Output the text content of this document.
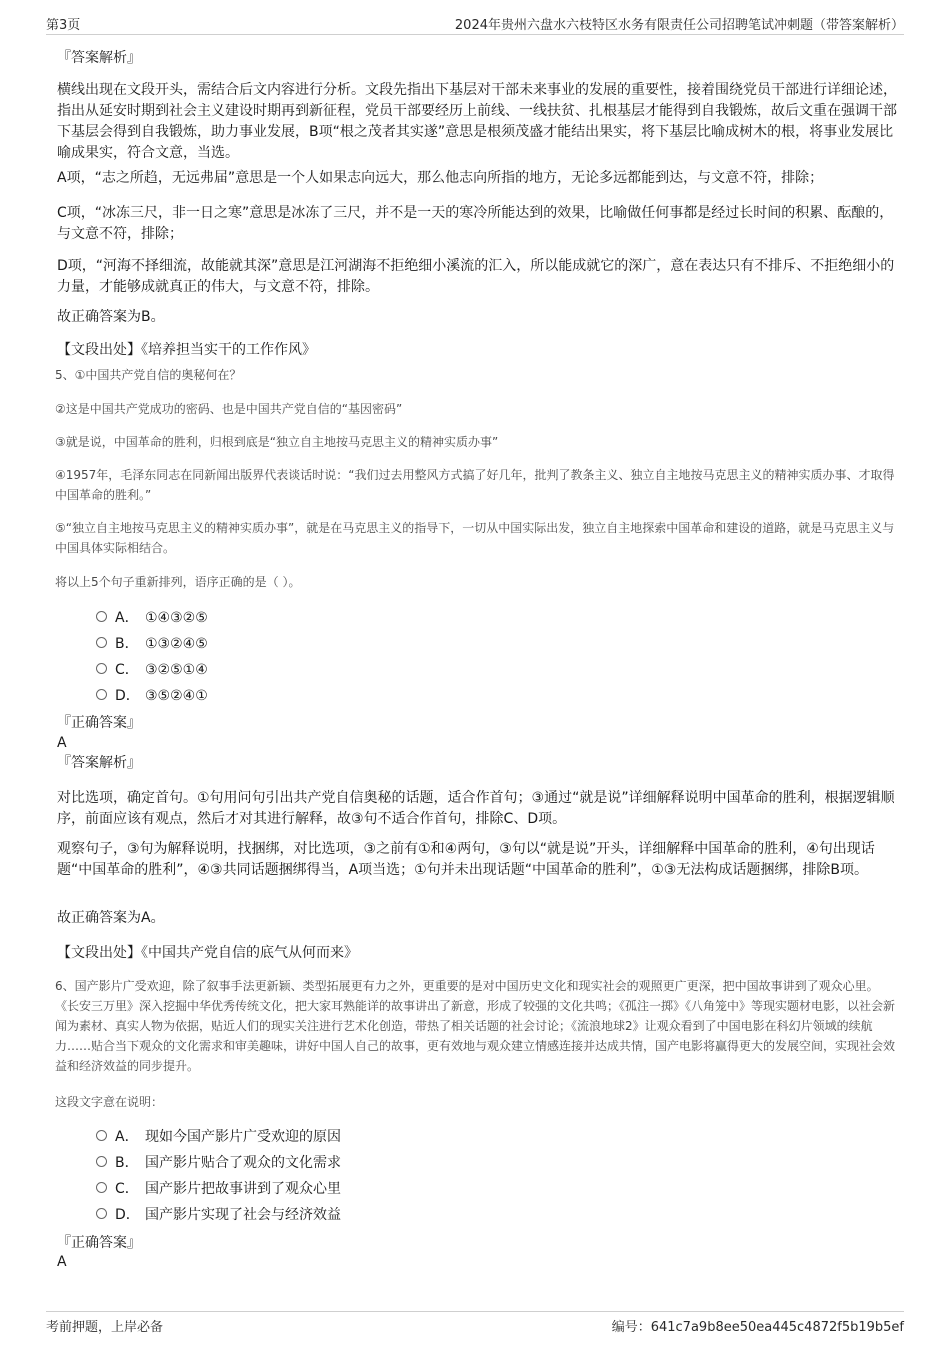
第3页	2024年贵州六盘水六枝特区水务有限责任公司招聘笔试冲刺题（带答案解析）

『答案解析』

横线出现在文段开头，需结合后文内容进行分析。文段先指出下基层对干部未来事业的发展的重要性，接着围绕党员干部进行详细论述，指出从延安时期到社会主义建设时期再到新征程，党员干部要经历上前线、一线扶贫、扎根基层才能得到自我锻炼，故后文重在强调干部下基层会得到自我锻炼，助力事业发展，B项“根之茂者其实遂”意思是根须茂盛才能结出果实，将下基层比喻成树木的根，将事业发展比喻成果实，符合文意，当选。

A项，“志之所趋，无远弗届”意思是一个人如果志向远大，那么他志向所指的地方，无论多远都能到达，与文意不符，排除；

C项，“冰冻三尺，非一日之寒”意思是冰冻了三尺，并不是一天的寒冷所能达到的效果，比喻做任何事都是经过长时间的积累、酝酿的，与文意不符，排除；

D项，“河海不择细流，故能就其深”意思是江河湖海不拒绝细小溪流的汇入，所以能成就它的深广，意在表达只有不排斥、不拒绝细小的力量，才能够成就真正的伟大，与文意不符，排除。

故正确答案为B。

【文段出处】《培养担当实干的工作作风》

5、①中国共产党自信的奥秘何在？

②这是中国共产党成功的密码、也是中国共产党自信的“基因密码”

③就是说，中国革命的胜利，归根到底是“独立自主地按马克思主义的精神实质办事”

④1957年，毛泽东同志在同新闻出版界代表谈话时说：“我们过去用整风方式搞了好几年，批判了教条主义、独立自主地按马克思主义的精神实质办事、才取得中国革命的胜利。”

⑤“独立自主地按马克思主义的精神实质办事”，就是在马克思主义的指导下，一切从中国实际出发，独立自主地探索中国革命和建设的道路，就是马克思主义与中国具体实际相结合。

将以上5个句子重新排列，语序正确的是（ ）。

A． ①④③②⑤
B． ①③②④⑤
C． ③②⑤①④
D． ③⑤②④①

『正确答案』

A

『答案解析』

对比选项，确定首句。①句用问句引出共产党自信奥秘的话题，适合作首句；③通过“就是说”详细解释说明中国革命的胜利，根据逻辑顺序，前面应该有观点，然后才对其进行解释，故③句不适合作首句，排除C、D项。

观察句子，③句为解释说明，找捆绑，对比选项，③之前有①和④两句，③句以“就是说”开头，详细解释中国革命的胜利，④句出现话题“中国革命的胜利”，④③共同话题捆绑得当，A项当选；①句并未出现话题“中国革命的胜利”，①③无法构成话题捆绑，排除B项。

故正确答案为A。

【文段出处】《中国共产党自信的底气从何而来》

6、国产影片广受欢迎，除了叙事手法更新颖、类型拓展更有力之外，更重要的是对中国历史文化和现实社会的观照更广更深，把中国故事讲到了观众心里。《长安三万里》深入挖掘中华优秀传统文化，把大家耳熟能详的故事讲出了新意，形成了较强的文化共鸣；《孤注一掷》《八角笼中》等现实题材电影，以社会新闻为素材、真实人物为依据，贴近人们的现实关注进行艺术化创造，带热了相关话题的社会讨论；《流浪地球2》让观众看到了中国电影在科幻片领域的续航力……贴合当下观众的文化需求和审美趣味，讲好中国人自己的故事，更有效地与观众建立情感连接并达成共情，国产电影将赢得更大的发展空间，实现社会效益和经济效益的同步提升。

这段文字意在说明：

A． 现如今国产影片广受欢迎的原因
B． 国产影片贴合了观众的文化需求
C． 国产影片把故事讲到了观众心里
D． 国产影片实现了社会与经济效益

『正确答案』

A

考前押题，上岸必备	编号：641c7a9b8ee50ea445c4872f5b19b5ef
